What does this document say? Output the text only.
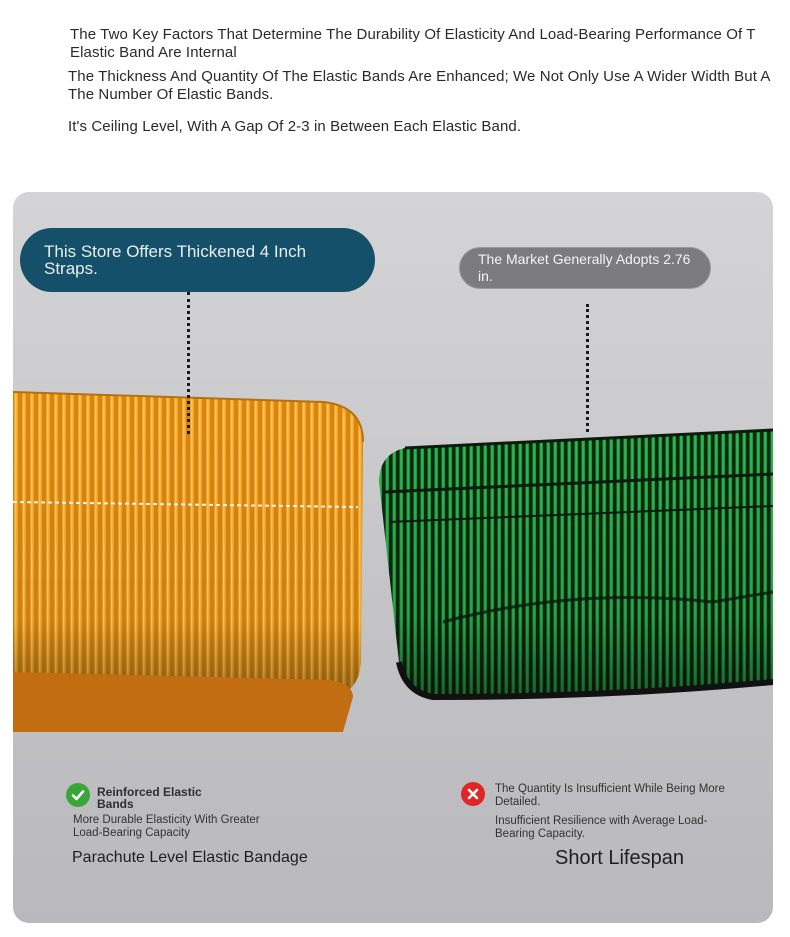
The Two Key Factors That Determine The Durability Of Elasticity And Load-Bearing Performance Of T
Elastic Band Are Internal

The Thickness And Quantity Of The Elastic Bands Are Enhanced; We Not Only Use A Wider Width But A
The Number Of Elastic Bands.

It's Ceiling Level, With A Gap Of 2-3 in Between Each Elastic Band.

This Store Offers Thickened 4 Inch Straps.	The Market Generally Adopts 2.76 in.
Reinforced Elastic Bands
More Durable Elasticity With Greater Load-Bearing Capacity
Parachute Level Elastic Bandage
The Quantity Is Insufficient While Being More Detailed.
Insufficient Resilience with Average Load-Bearing Capacity.
Short Lifespan
